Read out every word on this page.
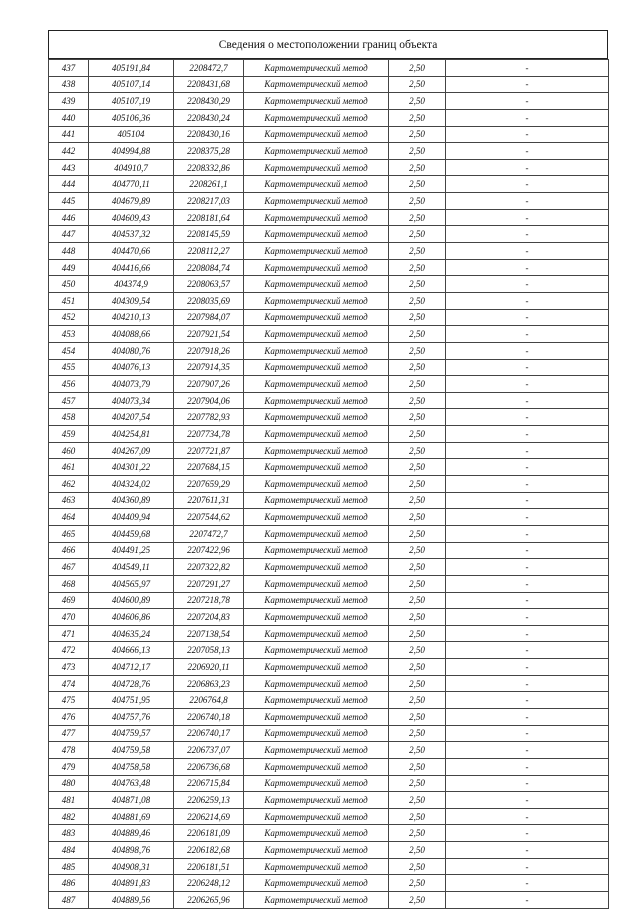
Сведения о местоположении границ объекта
437	405191,84	2208472,7	Картометрический метод	2,50	-
438	405107,14	2208431,68	Картометрический метод	2,50	-
439	405107,19	2208430,29	Картометрический метод	2,50	-
440	405106,36	2208430,24	Картометрический метод	2,50	-
441	405104	2208430,16	Картометрический метод	2,50	-
442	404994,88	2208375,28	Картометрический метод	2,50	-
443	404910,7	2208332,86	Картометрический метод	2,50	-
444	404770,11	2208261,1	Картометрический метод	2,50	-
445	404679,89	2208217,03	Картометрический метод	2,50	-
446	404609,43	2208181,64	Картометрический метод	2,50	-
447	404537,32	2208145,59	Картометрический метод	2,50	-
448	404470,66	2208112,27	Картометрический метод	2,50	-
449	404416,66	2208084,74	Картометрический метод	2,50	-
450	404374,9	2208063,57	Картометрический метод	2,50	-
451	404309,54	2208035,69	Картометрический метод	2,50	-
452	404210,13	2207984,07	Картометрический метод	2,50	-
453	404088,66	2207921,54	Картометрический метод	2,50	-
454	404080,76	2207918,26	Картометрический метод	2,50	-
455	404076,13	2207914,35	Картометрический метод	2,50	-
456	404073,79	2207907,26	Картометрический метод	2,50	-
457	404073,34	2207904,06	Картометрический метод	2,50	-
458	404207,54	2207782,93	Картометрический метод	2,50	-
459	404254,81	2207734,78	Картометрический метод	2,50	-
460	404267,09	2207721,87	Картометрический метод	2,50	-
461	404301,22	2207684,15	Картометрический метод	2,50	-
462	404324,02	2207659,29	Картометрический метод	2,50	-
463	404360,89	2207611,31	Картометрический метод	2,50	-
464	404409,94	2207544,62	Картометрический метод	2,50	-
465	404459,68	2207472,7	Картометрический метод	2,50	-
466	404491,25	2207422,96	Картометрический метод	2,50	-
467	404549,11	2207322,82	Картометрический метод	2,50	-
468	404565,97	2207291,27	Картометрический метод	2,50	-
469	404600,89	2207218,78	Картометрический метод	2,50	-
470	404606,86	2207204,83	Картометрический метод	2,50	-
471	404635,24	2207138,54	Картометрический метод	2,50	-
472	404666,13	2207058,13	Картометрический метод	2,50	-
473	404712,17	2206920,11	Картометрический метод	2,50	-
474	404728,76	2206863,23	Картометрический метод	2,50	-
475	404751,95	2206764,8	Картометрический метод	2,50	-
476	404757,76	2206740,18	Картометрический метод	2,50	-
477	404759,57	2206740,17	Картометрический метод	2,50	-
478	404759,58	2206737,07	Картометрический метод	2,50	-
479	404758,58	2206736,68	Картометрический метод	2,50	-
480	404763,48	2206715,84	Картометрический метод	2,50	-
481	404871,08	2206259,13	Картометрический метод	2,50	-
482	404881,69	2206214,69	Картометрический метод	2,50	-
483	404889,46	2206181,09	Картометрический метод	2,50	-
484	404898,76	2206182,68	Картометрический метод	2,50	-
485	404908,31	2206181,51	Картометрический метод	2,50	-
486	404891,83	2206248,12	Картометрический метод	2,50	-
487	404889,56	2206265,96	Картометрический метод	2,50	-
